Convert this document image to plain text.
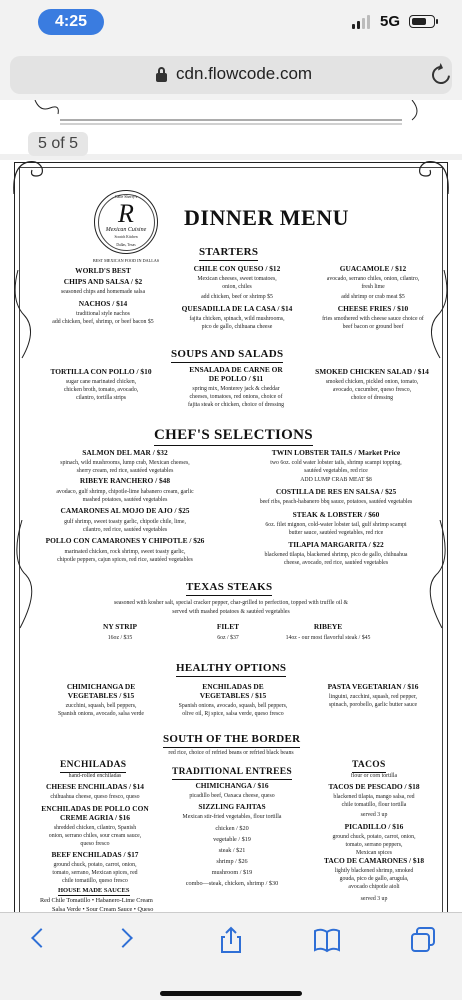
4:25	5G
cdn.flowcode.com
5 of 5
Calle Sherry's
R
Mexican Cuisine
Scratch Kitchen
Dallas, Texas
BEST MEXICAN FOOD IN DALLAS
DINNER MENU
STARTERS
WORLD'S BEST
CHIPS AND SALSA / $2
seasoned chips and homemade salsa
NACHOS / $14
traditional style nachos
add chicken, beef, shrimp, or beef bacon $5
CHILE CON QUESO / $12
Mexican cheeses, sweet tomatoes,
onion, chiles
add chicken, beef or shrimp $5
QUESADILLA DE LA CASA / $14
fajita chicken, spinach, wild mushrooms,
pico de gallo, chihuana cheese
GUACAMOLE / $12
avocado, serrano chiles, onion, cilantro,
fresh lime
add shrimp or crab meat $5
CHEESE FRIES / $10
fries smothered with cheese sauce choice of
beef bacon or ground beef
SOUPS AND SALADS
TORTILLA CON POLLO / $10
sugar cane marinated chicken,
chicken broth, tomato, avocado,
cilantro, tortilla strips
ENSALADA DE CARNE OR
DE POLLO / $11
spring mix, Monterey jack & cheddar
cheeses, tomatoes, red onions, choice of
fajita steak or chicken, choice of dressing
SMOKED CHICKEN SALAD / $14
smoked chicken, pickled onion, tomato,
avocado, cucumber, queso fresco,
choice of dressing
CHEF'S SELECTIONS
SALMON DEL MAR / $32
spinach, wild mushrooms, lump crab, Mexican cheeses,
sherry cream, red rice, sautéed vegetables
RIBEYE RANCHERO / $48
avodaco, gulf shrimp, chipotle-lime habanero cream, garlic
mashed potatoes, sautéed vegetables
CAMARONES AL MOJO DE AJO / $25
gulf shrimp, sweet toasty garlic, chipotle chile, lime,
cilantro, red rice, sautéed vegetables
POLLO CON CAMARONES Y CHIPOTLE / $26
marinated chicken, rock shrimp, sweet toasty garlic,
chipotle peppers, cajun spices, red rice, sautéed vegetables
TWIN LOBSTER TAILS / Market Price
two 6oz. cold water lobster tails, shrimp scampi topping,
sautéed vegetables, red rice
ADD LUMP CRAB MEAT $8
COSTILLA DE RES EN SALSA / $25
beef ribs, peach-habanero bbq sauce, potatoes, sautéed vegetables
STEAK & LOBSTER / $60
6oz. filet mignon, cold-water lobster tail, gulf shrimp scampi
butter sauce, sautéed vegetables, red rice
TILAPIA MARGARITA / $22
blackened tilapia, blackened shrimp, pico de gallo, chihuahua
cheese, avocado, red rice, sautéed vegetables
TEXAS STEAKS
seasoned with kosher salt, special cracker pepper, char-grilled to perfection, topped with truffle oil &
served with mashed potatoes & sautéed vegetables
NY STRIP
16oz / $35
FILET
6oz / $37
RIBEYE
14oz - our most flavorful steak / $45
HEALTHY OPTIONS
CHIMICHANGA DE
VEGETABLES / $15
zucchini, squash, bell peppers,
Spanish onions, avocado, salsa verde
ENCHILADAS DE
VEGETABLES / $15
Spanish onions, avocado, squash, bell peppers,
olive oil, Rj spice, salsa verde, queso fresco
PASTA VEGETARIAN / $16
linguini, zucchini, squash, red pepper,
spinach, porobello, garlic butter sauce
SOUTH OF THE BORDER
red rice, choice of refried beans or refried black beans
ENCHILADAS
hand-rolled enchiladas
CHEESE ENCHILADAS / $14
chihuahua cheese, queso fresco, queso
ENCHILADAS DE POLLO CON
CREME AGRIA / $16
shredded chicken, cilantro, Spanish
onion, serrano chiles, sour cream sauce,
queso fresco
BEEF ENCHILADAS / $17
ground chuck, potato, carrot, onion,
tomato, serrano, Mexican spices, red
chile tomatillo, queso fresco
HOUSE MADE SAUCES
Red Chile Tomatillo • Habanero-Lime Cream
Salsa Verde • Sour Cream Sauce • Queso
TRADITIONAL ENTREES
CHIMICHANGA / $16
picadillo beef, Oaxaca cheese, queso
SIZZLING FAJITAS
Mexican stir-fried vegetables, flour tortilla
chicken / $20
vegetable / $19
steak / $21
shrimp / $26
mushroom / $19
combo—steak, chicken, shrimp / $30
TACOS
flour or corn tortilla
TACOS DE PESCADO / $18
blackened tilapia, mango salsa, red
chile tomatillo, flour tortilla
served 3 up
PICADILLO / $16
ground chuck, potato, carrot, onion,
tomato, serrano peppers,
Mexican spices
TACO DE CAMARONES / $18
lightly blackened shrimp, smoked
gouda, pico de gallo, arugula,
avocado chipotle aioli
served 3 up
